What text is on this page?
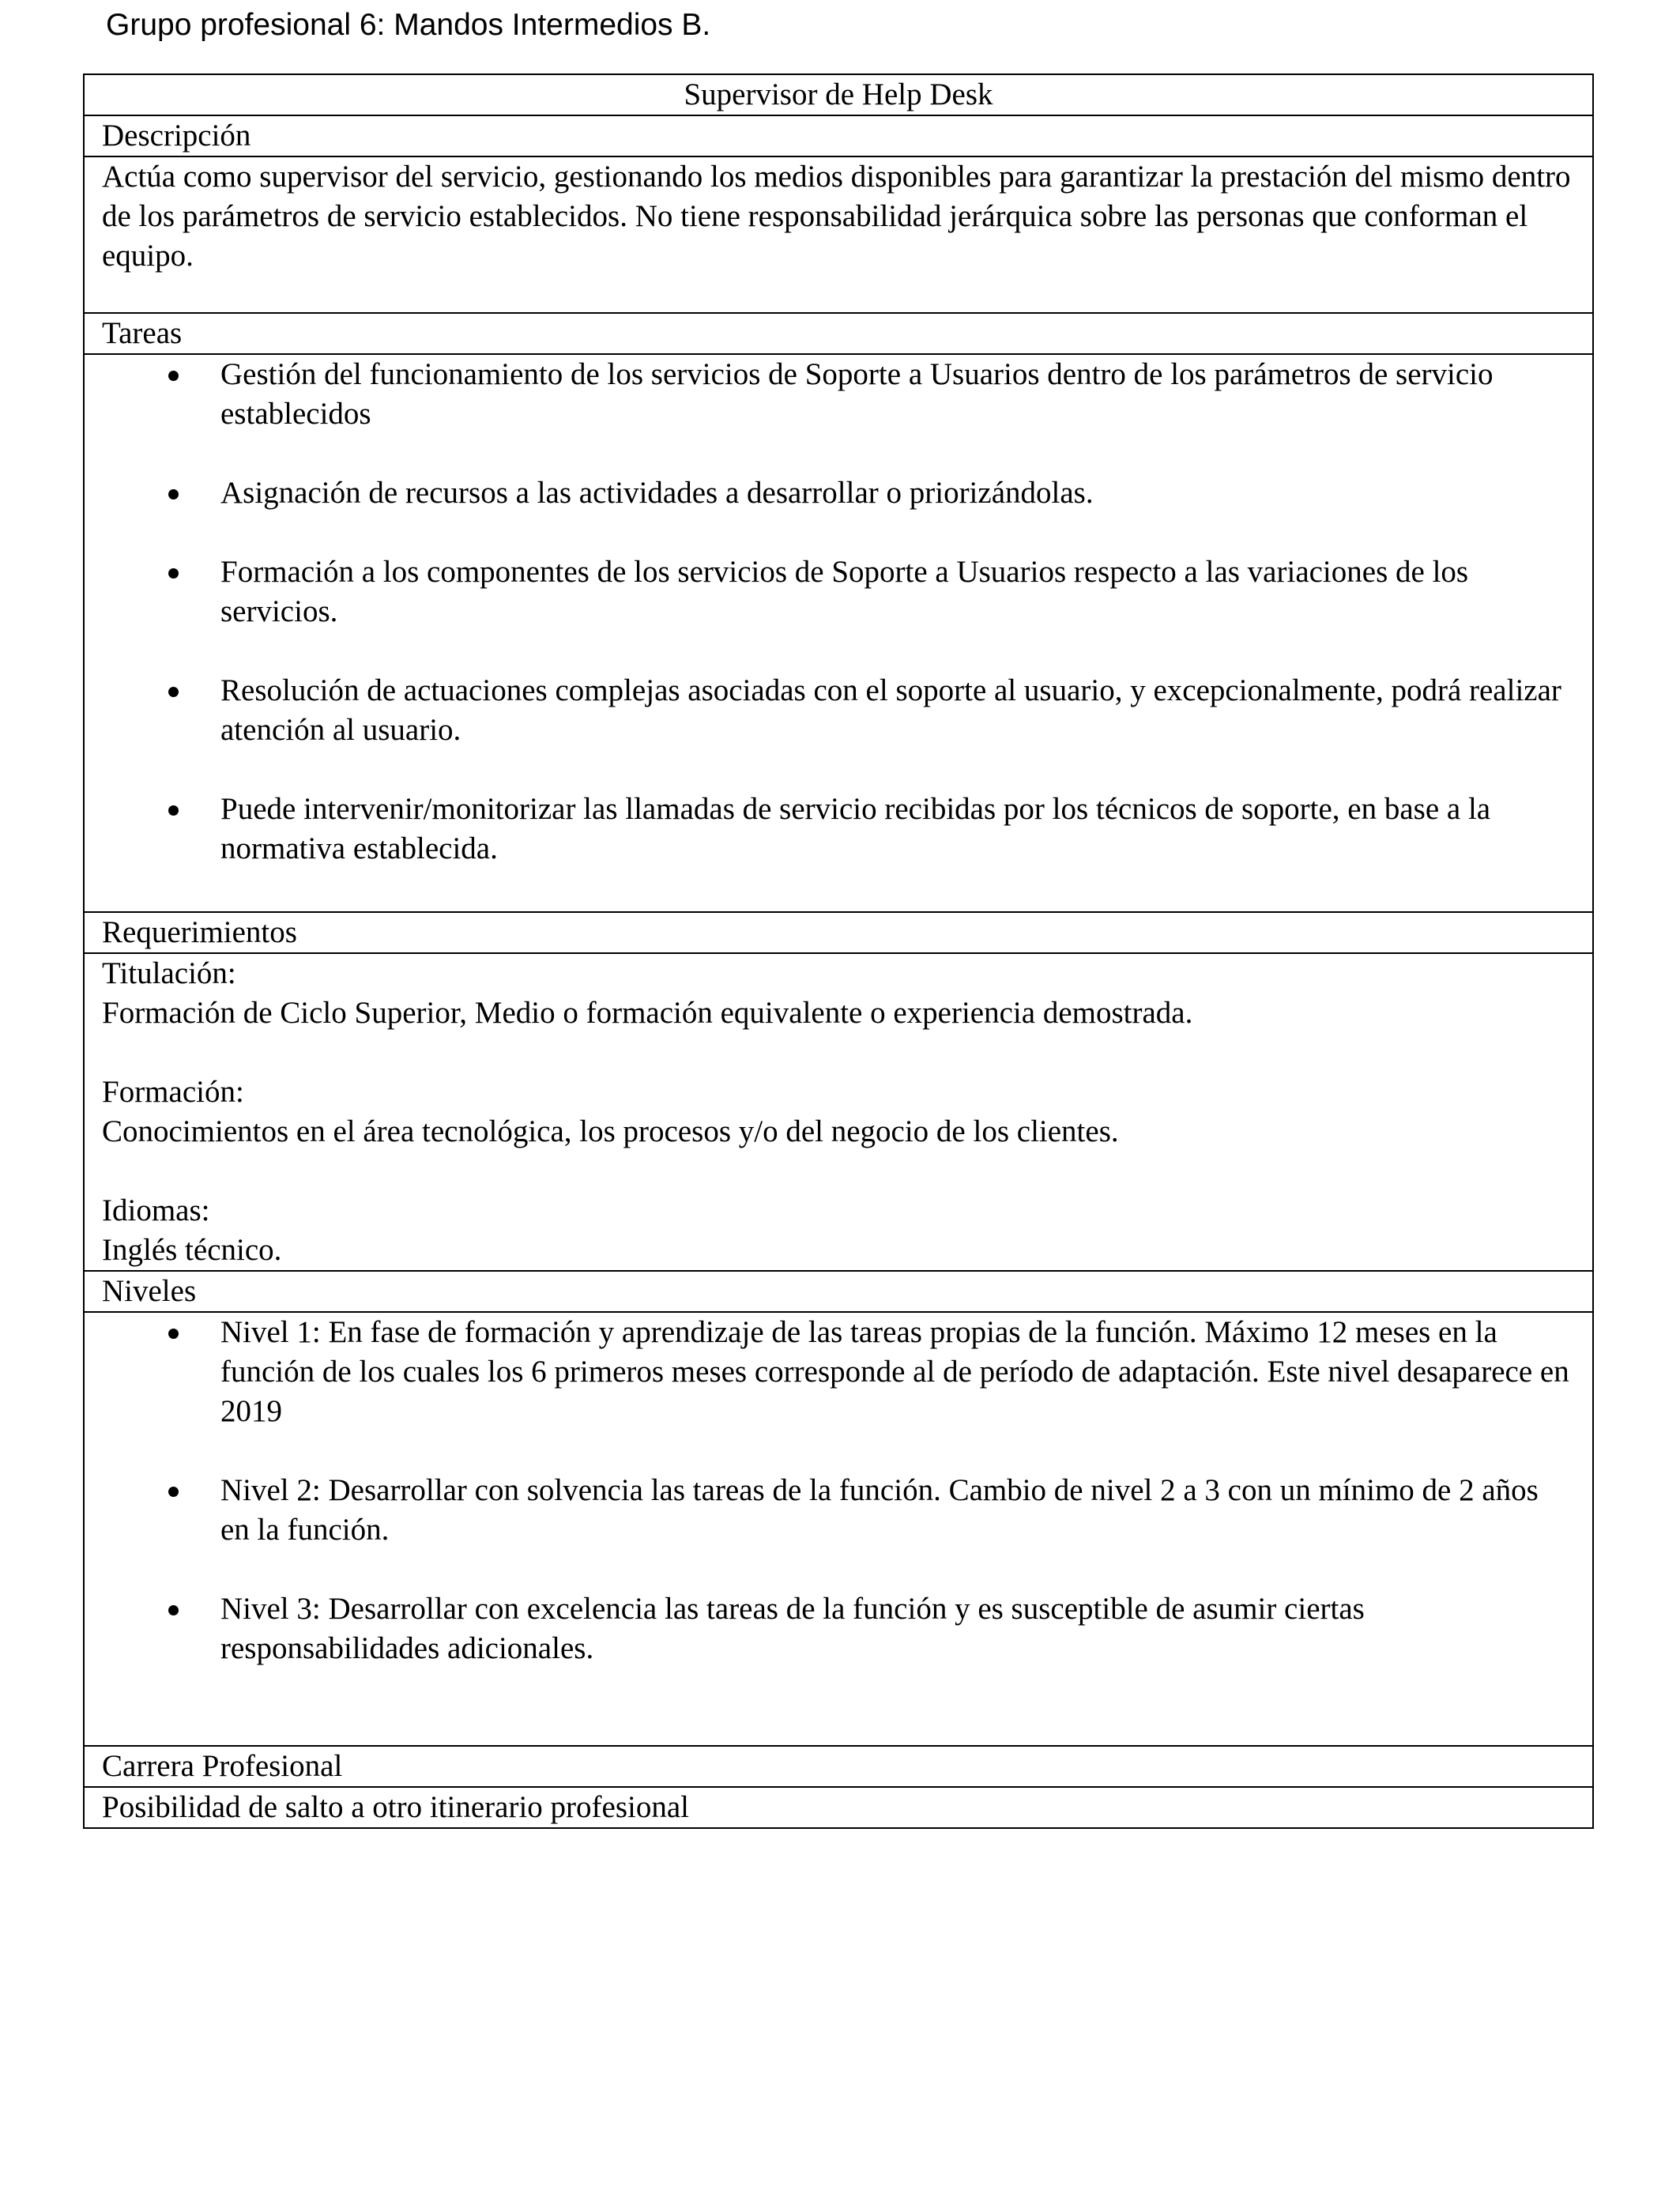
Grupo profesional 6: Mandos Intermedios B.
Supervisor de Help Desk
Descripción
Actúa como supervisor del servicio, gestionando los medios disponibles para garantizar la prestación del mismo dentro de los parámetros de servicio establecidos. No tiene responsabilidad jerárquica sobre las personas que conforman el equipo.
Tareas

Gestión del funcionamiento de los servicios de Soporte a Usuarios dentro de los parámetros de servicio establecidos
Asignación de recursos a las actividades a desarrollar o priorizándolas.
Formación a los componentes de los servicios de Soporte a Usuarios respecto a las variaciones de los servicios.
Resolución de actuaciones complejas asociadas con el soporte al usuario, y excepcionalmente, podrá realizar atención al usuario.
Puede intervenir/monitorizar las llamadas de servicio recibidas por los técnicos de soporte, en base a la normativa establecida.

Requerimientos

Titulación:
Formación de Ciclo Superior, Medio o formación equivalente o experiencia demostrada.
Formación:
Conocimientos en el área tecnológica, los procesos y/o del negocio de los clientes.
Idiomas:
Inglés técnico.

Niveles

Nivel 1: En fase de formación y aprendizaje de las tareas propias de la función. Máximo 12 meses en la función de los cuales los 6 primeros meses corresponde al de período de adaptación. Este nivel desaparece en 2019
Nivel 2: Desarrollar con solvencia las tareas de la función. Cambio de nivel 2 a 3 con un mínimo de 2 años en la función.
Nivel 3: Desarrollar con excelencia las tareas de la función y es susceptible de asumir ciertas responsabilidades adicionales.

Carrera Profesional
Posibilidad de salto a otro itinerario profesional
